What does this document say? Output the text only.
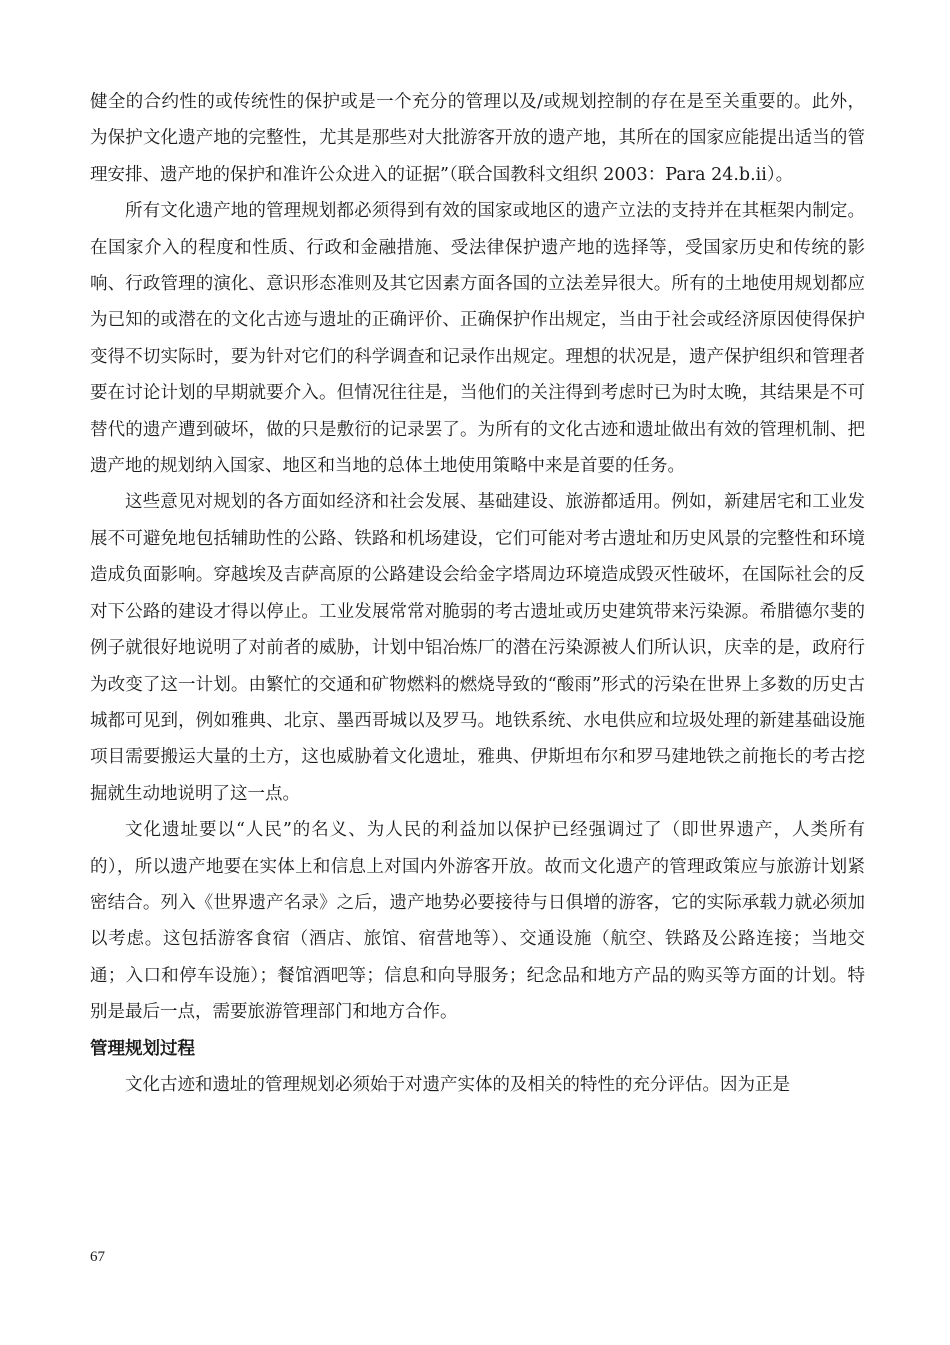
健全的合约性的或传统性的保护或是一个充分的管理以及/或规划控制的存在是至关重要的。此外，为保护文化遗产地的完整性，尤其是那些对大批游客开放的遗产地，其所在的国家应能提出适当的管理安排、遗产地的保护和准许公众进入的证据”（联合国教科文组织 2003：Para 24.b.ii）。

所有文化遗产地的管理规划都必须得到有效的国家或地区的遗产立法的支持并在其框架内制定。在国家介入的程度和性质、行政和金融措施、受法律保护遗产地的选择等，受国家历史和传统的影响、行政管理的演化、意识形态准则及其它因素方面各国的立法差异很大。所有的土地使用规划都应为已知的或潜在的文化古迹与遗址的正确评价、正确保护作出规定，当由于社会或经济原因使得保护变得不切实际时，要为针对它们的科学调查和记录作出规定。理想的状况是，遗产保护组织和管理者要在讨论计划的早期就要介入。但情况往往是，当他们的关注得到考虑时已为时太晚，其结果是不可替代的遗产遭到破坏，做的只是敷衍的记录罢了。为所有的文化古迹和遗址做出有效的管理机制、把遗产地的规划纳入国家、地区和当地的总体土地使用策略中来是首要的任务。

这些意见对规划的各方面如经济和社会发展、基础建设、旅游都适用。例如，新建居宅和工业发展不可避免地包括辅助性的公路、铁路和机场建设，它们可能对考古遗址和历史风景的完整性和环境造成负面影响。穿越埃及吉萨高原的公路建设会给金字塔周边环境造成毁灭性破坏，在国际社会的反对下公路的建设才得以停止。工业发展常常对脆弱的考古遗址或历史建筑带来污染源。希腊德尔斐的例子就很好地说明了对前者的威胁，计划中铝冶炼厂的潜在污染源被人们所认识，庆幸的是，政府行为改变了这一计划。由繁忙的交通和矿物燃料的燃烧导致的“酸雨”形式的污染在世界上多数的历史古城都可见到，例如雅典、北京、墨西哥城以及罗马。地铁系统、水电供应和垃圾处理的新建基础设施项目需要搬运大量的土方，这也威胁着文化遗址，雅典、伊斯坦布尔和罗马建地铁之前拖长的考古挖掘就生动地说明了这一点。

文化遗址要以“人民”的名义、为人民的利益加以保护已经强调过了（即世界遗产，人类所有的），所以遗产地要在实体上和信息上对国内外游客开放。故而文化遗产的管理政策应与旅游计划紧密结合。列入《世界遗产名录》之后，遗产地势必要接待与日俱增的游客，它的实际承载力就必须加以考虑。这包括游客食宿（酒店、旅馆、宿营地等）、交通设施（航空、铁路及公路连接；当地交通；入口和停车设施）；餐馆酒吧等；信息和向导服务；纪念品和地方产品的购买等方面的计划。特别是最后一点，需要旅游管理部门和地方合作。

管理规划过程

文化古迹和遗址的管理规划必须始于对遗产实体的及相关的特性的充分评估。因为正是

67
